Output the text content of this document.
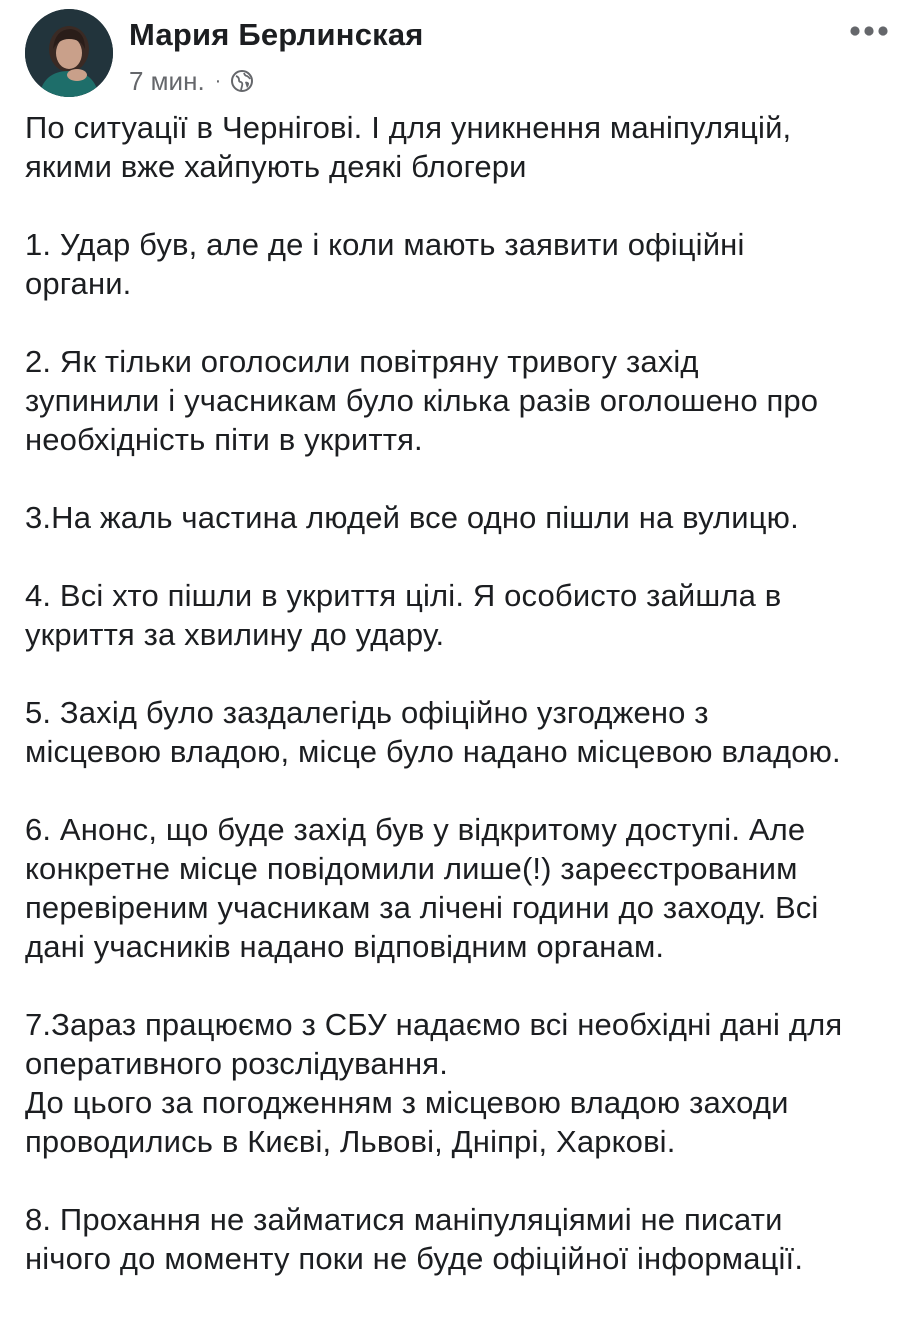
Мария Берлинская
7 мин. ·

По ситуації в Чернігові. І для уникнення маніпуляцій,
якими вже хайпують деякі блогери

1. Удар був, але де і коли мають заявити офіційні
органи.

2. Як тільки оголосили повітряну тривогу захід
зупинили і учасникам було кілька разів оголошено про
необхідність піти в укриття.

3.На жаль частина людей все одно пішли на вулицю.

4. Всі хто пішли в укриття цілі. Я особисто зайшла в
укриття за хвилину до удару.

5. Захід було заздалегідь офіційно узгоджено з
місцевою владою, місце було надано місцевою владою.

6. Анонс, що буде захід був у відкритому доступі. Але
конкретне місце повідомили лише(!) зареєстрованим
перевіреним учасникам за лічені години до заходу. Всі
дані учасників надано відповідним органам.

7.Зараз працюємо з СБУ надаємо всі необхідні дані для
оперативного розслідування.
До цього за погодженням з місцевою владою заходи
проводились в Києві, Львові, Дніпрі, Харкові.

8. Прохання не займатися маніпуляціямиі не писати
нічого до моменту поки не буде офіційної інформації.
